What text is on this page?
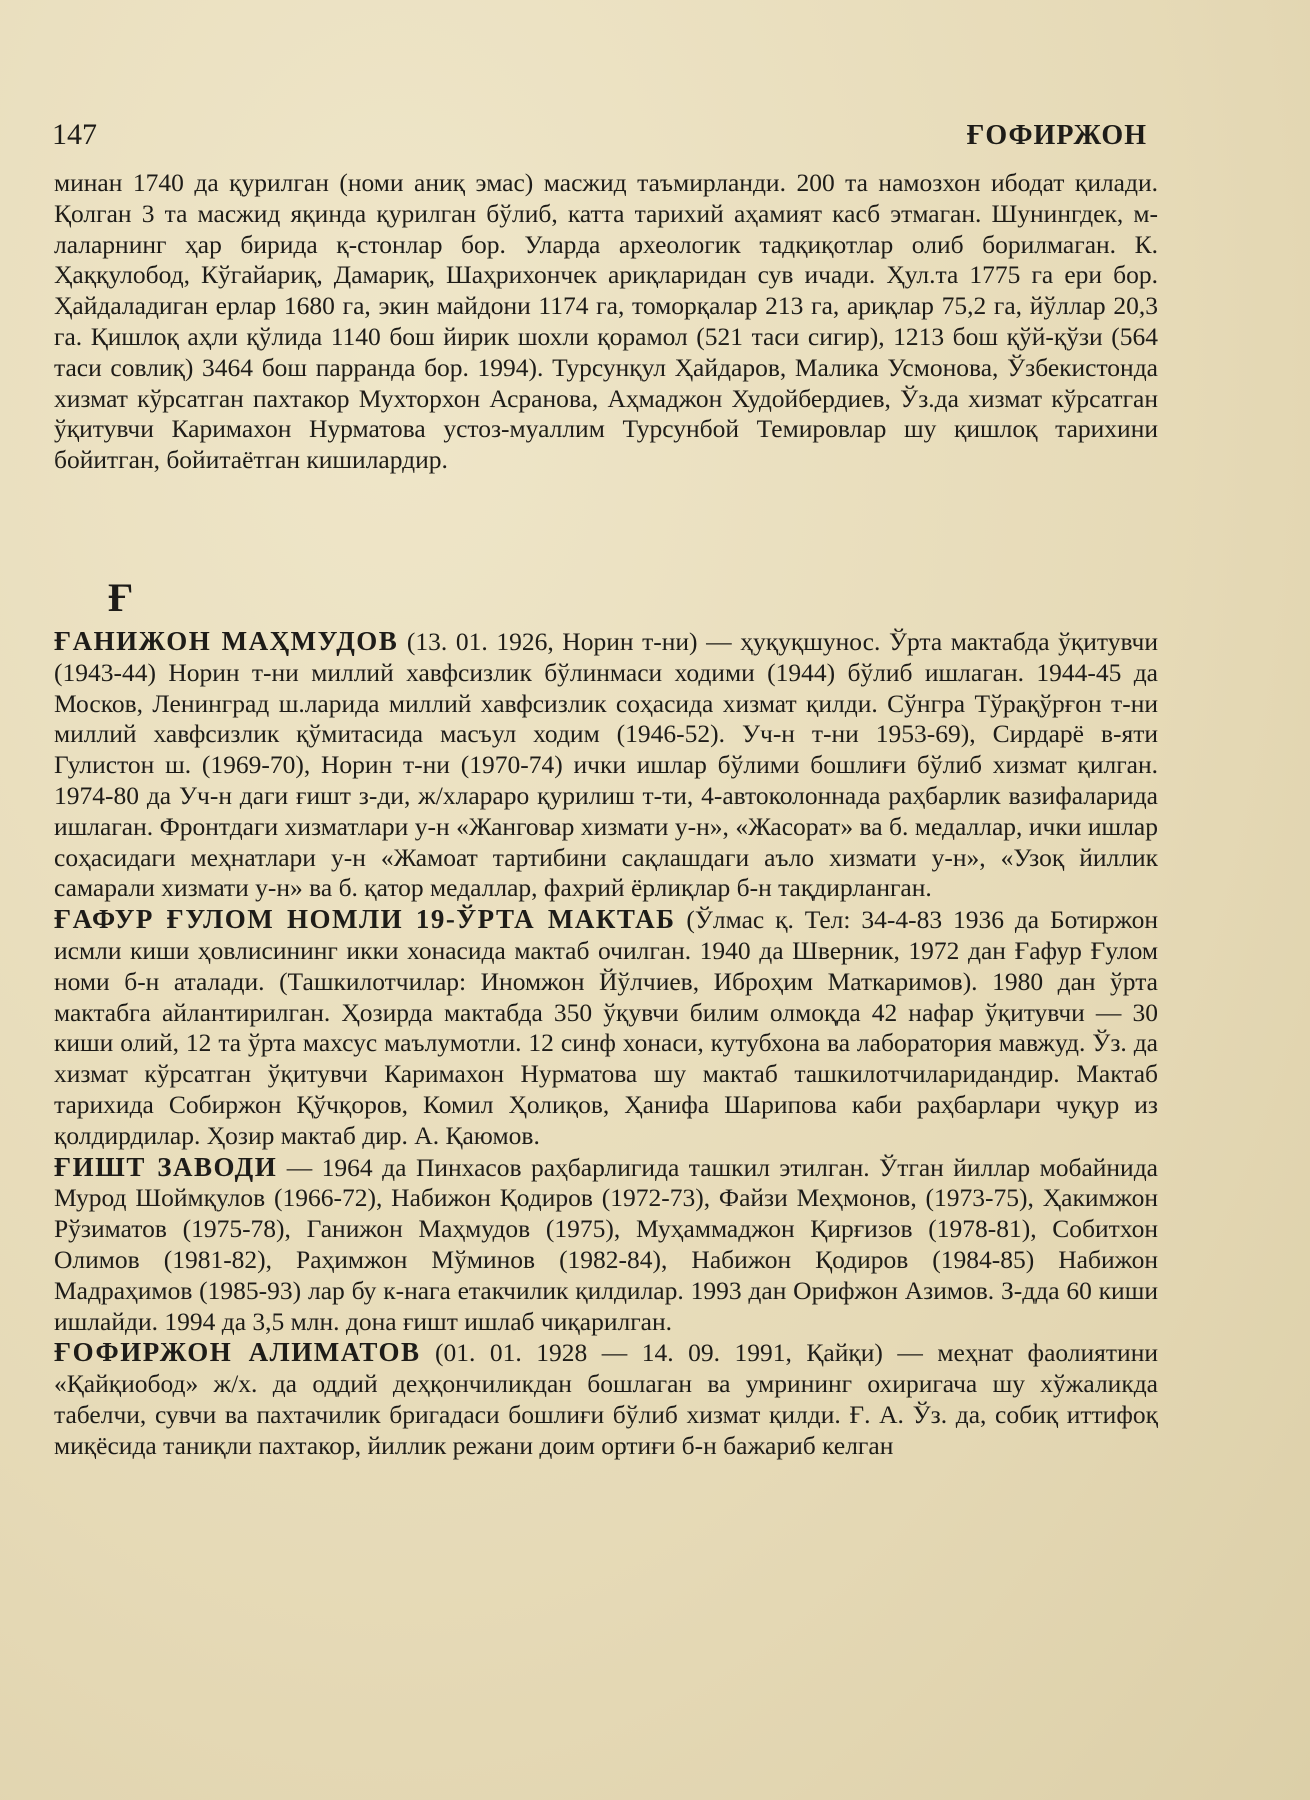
147	ҒОФИРЖОН

минан 1740 да қурилган (номи аниқ эмас) масжид таъмирланди. 200 та намозхон ибодат қилади. Қолган 3 та масжид яқинда қурилган бўлиб, катта тарихий аҳамият касб этмаган. Шунингдек, м-лаларнинг ҳар бирида қ-стонлар бор. Уларда археологик тадқиқотлар олиб борилмаган. К. Ҳаққулобод, Кўгайариқ, Дамариқ, Шаҳрихончек ариқларидан сув ичади. Ҳул.та 1775 га ери бор. Ҳайдаладиган ерлар 1680 га, экин майдони 1174 га, томорқалар 213 га, ариқлар 75,2 га, йўллар 20,3 га. Қишлоқ аҳли қўлида 1140 бош йирик шохли қорамол (521 таси сигир), 1213 бош қўй-қўзи (564 таси совлиқ) 3464 бош парранда бор. 1994). Турсунқул Ҳайдаров, Малика Усмонова, Ўзбекистонда хизмат кўрсатган пахтакор Мухторхон Асранова, Аҳмаджон Худойбердиев, Ўз.да хизмат кўрсатган ўқитувчи Каримахон Нурматова устоз-муаллим Турсунбой Темировлар шу қишлоқ тарихини бойитган, бойитаётган кишилардир.

Ғ

ҒАНИЖОН МАҲМУДОВ (13. 01. 1926, Норин т-ни) — ҳуқуқшунос. Ўрта мактабда ўқитувчи (1943-44) Норин т-ни миллий хавфсизлик бўлинмаси ходими (1944) бўлиб ишлаган. 1944-45 да Москов, Ленинград ш.ларида миллий хавфсизлик соҳасида хизмат қилди. Сўнгра Тўрақўрғон т-ни миллий хавфсизлик қўмитасида масъул ходим (1946-52). Уч-н т-ни 1953-69), Сирдарё в-яти Гулистон ш. (1969-70), Норин т-ни (1970-74) ички ишлар бўлими бошлиғи бўлиб хизмат қилган. 1974-80 да Уч-н даги ғишт з-ди, ж/хлараро қурилиш т-ти, 4-автоколоннада раҳбарлик вазифаларида ишлаган. Фронтдаги хизматлари у-н «Жанговар хизмати у-н», «Жасорат» ва б. медаллар, ички ишлар соҳасидаги меҳнатлари у-н «Жамоат тартибини сақлашдаги аъло хизмати у-н», «Узоқ йиллик самарали хизмати у-н» ва б. қатор медаллар, фахрий ёрлиқлар б-н тақдирланган.

ҒАФУР ҒУЛОМ НОМЛИ 19-ЎРТА МАКТАБ (Ўлмас қ. Тел: 34-4-83 1936 да Ботиржон исмли киши ҳовлисининг икки хонасида мактаб очилган. 1940 да Шверник, 1972 дан Ғафур Ғулом номи б-н аталади. (Ташкилотчилар: Иномжон Йўлчиев, Иброҳим Маткаримов). 1980 дан ўрта мактабга айлантирилган. Ҳозирда мактабда 350 ўқувчи билим олмоқда 42 нафар ўқитувчи — 30 киши олий, 12 та ўрта махсус маълумотли. 12 синф хонаси, кутубхона ва лаборатория мавжуд. Ўз. да хизмат кўрсатган ўқитувчи Каримахон Нурматова шу мактаб ташкилотчиларидандир. Мактаб тарихида Собиржон Қўчқоров, Комил Ҳолиқов, Ҳанифа Шарипова каби раҳбарлари чуқур из қолдирдилар. Ҳозир мактаб дир. А. Қаюмов.

ҒИШТ ЗАВОДИ — 1964 да Пинхасов раҳбарлигида ташкил этилган. Ўтган йиллар мобайнида Мурод Шоймқулов (1966-72), Набижон Қодиров (1972-73), Файзи Меҳмонов, (1973-75), Ҳакимжон Рўзиматов (1975-78), Ганижон Маҳмудов (1975), Муҳаммаджон Қирғизов (1978-81), Собитхон Олимов (1981-82), Раҳимжон Мўминов (1982-84), Набижон Қодиров (1984-85) Набижон Мадраҳимов (1985-93) лар бу к-нага етакчилик қилдилар. 1993 дан Орифжон Азимов. З-дда 60 киши ишлайди. 1994 да 3,5 млн. дона ғишт ишлаб чиқарилган.

ҒОФИРЖОН АЛИМАТОВ (01. 01. 1928 — 14. 09. 1991, Қайқи) — меҳнат фаолиятини «Қайқиобод» ж/х. да оддий деҳқончиликдан бошлаган ва умрининг охиригача шу хўжаликда табелчи, сувчи ва пахтачилик бригадаси бошлиғи бўлиб хизмат қилди. Ғ. А. Ўз. да, собиқ иттифоқ миқёсида таниқли пахтакор, йиллик режани доим ортиғи б-н бажариб келган
